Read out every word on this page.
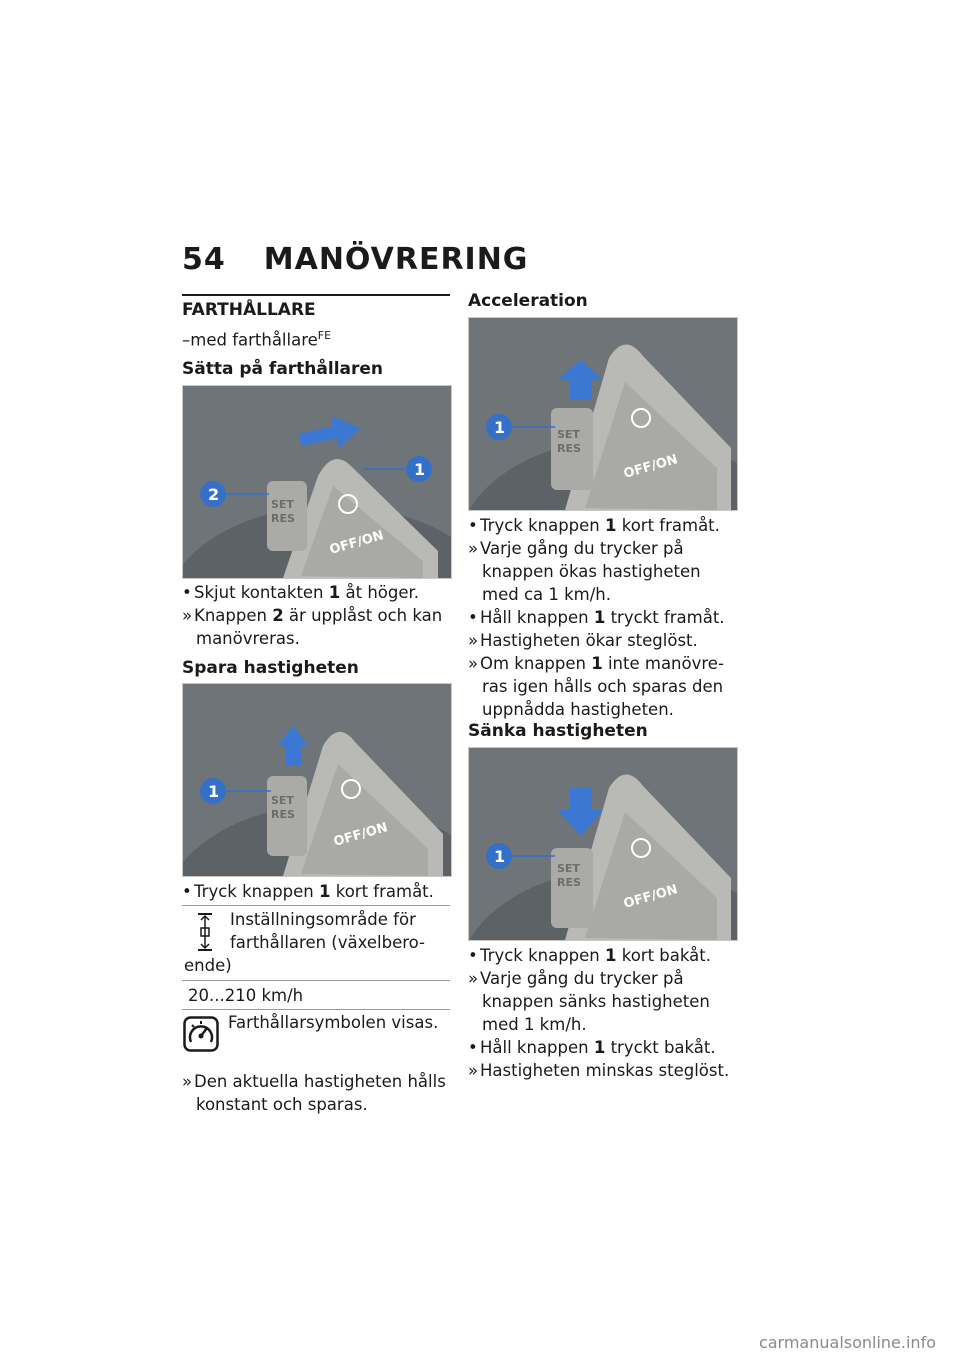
54 MANÖVRERING
FARTHÅLLARE
–med farthållare$^{FE}$
Sätta på farthållaren
SET
RES
OFF/ON
1
2
• Skjut kontakten 1 åt höger.
» Knappen 2 är upplåst och kan
manövreras.
Spara hastigheten
SET
RES
OFF/ON
1
• Tryck knappen 1 kort framåt.
Inställningsområde för
farthållaren (växelbero-
ende)
20...210 km/h
Farthållarsymbolen visas.
» Den aktuella hastigheten hålls
konstant och sparas.
Acceleration
SET
RES
OFF/ON
1
• Tryck knappen 1 kort framåt.
» Varje gång du trycker på
knappen ökas hastigheten
med ca 1 km/h.
• Håll knappen 1 tryckt framåt.
» Hastigheten ökar steglöst.
» Om knappen 1 inte manövre-
ras igen hålls och sparas den
uppnådda hastigheten.
Sänka hastigheten
SET
RES	OFF/ON
1
• Tryck knappen 1 kort bakåt.
» Varje gång du trycker på
knappen sänks hastigheten
med 1 km/h.
• Håll knappen 1 tryckt bakåt.
» Hastigheten minskas steglöst.
carmanualsonline.info
